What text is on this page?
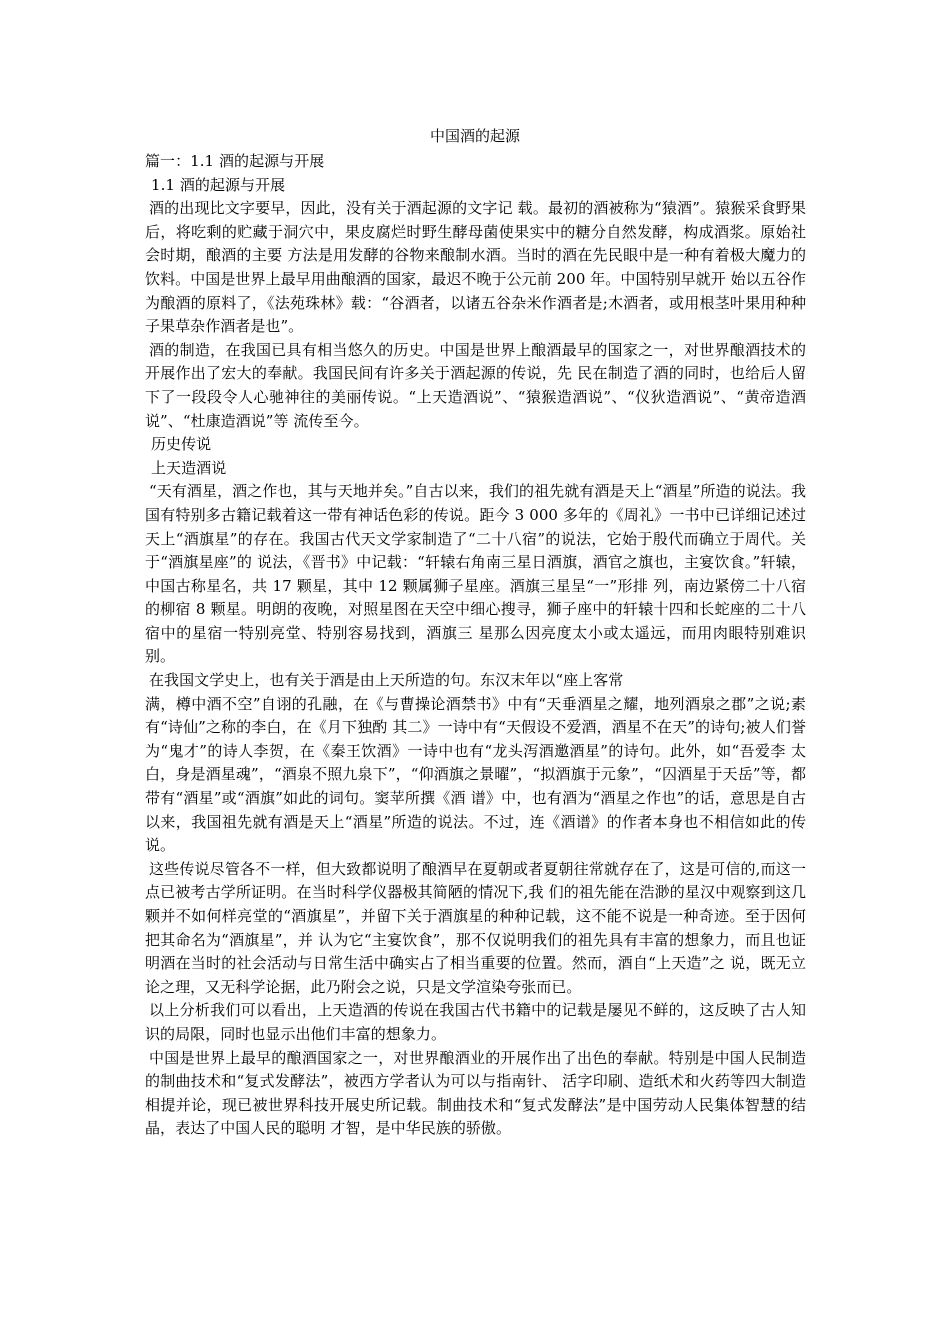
中国酒的起源

篇一：1.1 酒的起源与开展

1.1 酒的起源与开展

酒的出现比文字要早，因此，没有关于酒起源的文字记 载。最初的酒被称为“猿酒”。猿猴采食野果后，将吃剩的贮藏于洞穴中，果皮腐烂时野生酵母菌使果实中的糖分自然发酵，构成酒浆。原始社会时期，酿酒的主要 方法是用发酵的谷物来酿制水酒。当时的酒在先民眼中是一种有着极大魔力的饮料。中国是世界上最早用曲酿酒的国家，最迟不晚于公元前 200 年。中国特别早就开 始以五谷作为酿酒的原料了，《法苑珠林》载：“谷酒者，以诸五谷杂米作酒者是;木酒者，或用根茎叶果用种种子果草杂作酒者是也”。

酒的制造，在我国已具有相当悠久的历史。中国是世界上酿酒最早的国家之一，对世界酿酒技术的开展作出了宏大的奉献。我国民间有许多关于酒起源的传说，先 民在制造了酒的同时，也给后人留下了一段段令人心驰神往的美丽传说。“上天造酒说”、“猿猴造酒说”、“仪狄造酒说”、“黄帝造酒说”、“杜康造酒说”等 流传至今。

历史传说

上天造酒说

“天有酒星，酒之作也，其与天地并矣。”自古以来，我们的祖先就有酒是天上“酒星”所造的说法。我国有特别多古籍记载着这一带有神话色彩的传说。距今 3 000 多年的《周礼》一书中已详细记述过天上“酒旗星”的存在。我国古代天文学家制造了“二十八宿”的说法，它始于殷代而确立于周代。关于“酒旗星座”的 说法，《晋书》中记载：“轩辕右角南三星日酒旗，酒官之旗也，主宴饮食。”轩辕，中国古称星名，共 17 颗星，其中 12 颗属狮子星座。酒旗三星呈“一”形排 列，南边紧傍二十八宿的柳宿 8 颗星。明朗的夜晚，对照星图在天空中细心搜寻，狮子座中的轩辕十四和长蛇座的二十八宿中的星宿一特别亮堂、特别容易找到，酒旗三 星那么因亮度太小或太遥远，而用肉眼特别难识别。

在我国文学史上，也有关于酒是由上天所造的句。东汉末年以“座上客常

满，樽中酒不空”自诩的孔融，在《与曹操论酒禁书》中有“天垂酒星之耀，地列酒泉之郡”之说;素有“诗仙”之称的李白，在《月下独酌 其二》一诗中有“天假设不爱酒，酒星不在天”的诗句;被人们誉为“鬼才”的诗人李贺，在《秦王饮酒》一诗中也有“龙头泻酒邀酒星”的诗句。此外，如“吾爱李 太白，身是酒星魂”，“酒泉不照九泉下”，“仰酒旗之景曜”，“拟酒旗于元象”，“囚酒星于天岳”等，都带有“酒星”或“酒旗”如此的词句。窦苹所撰《酒 谱》中，也有酒为“酒星之作也”的话，意思是自古以来，我国祖先就有酒是天上“酒星”所造的说法。不过，连《酒谱》的作者本身也不相信如此的传说。

这些传说尽管各不一样，但大致都说明了酿酒早在夏朝或者夏朝往常就存在了，这是可信的,而这一点已被考古学所证明。在当时科学仪器极其简陋的情况下,我 们的祖先能在浩渺的星汉中观察到这几颗并不如何样亮堂的“酒旗星”，并留下关于酒旗星的种种记载，这不能不说是一种奇迹。至于因何把其命名为“酒旗星”，并 认为它“主宴饮食”，那不仅说明我们的祖先具有丰富的想象力，而且也证明酒在当时的社会活动与日常生活中确实占了相当重要的位置。然而，酒自“上天造”之 说，既无立论之理，又无科学论据，此乃附会之说，只是文学渲染夸张而已。

以上分析我们可以看出，上天造酒的传说在我国古代书籍中的记载是屡见不鲜的，这反映了古人知识的局限，同时也显示出他们丰富的想象力。

中国是世界上最早的酿酒国家之一，对世界酿酒业的开展作出了出色的奉献。特别是中国人民制造的制曲技术和“复式发酵法”，被西方学者认为可以与指南针、 活字印刷、造纸术和火药等四大制造相提并论，现已被世界科技开展史所记载。制曲技术和“复式发酵法”是中国劳动人民集体智慧的结晶，表达了中国人民的聪明 才智，是中华民族的骄傲。
